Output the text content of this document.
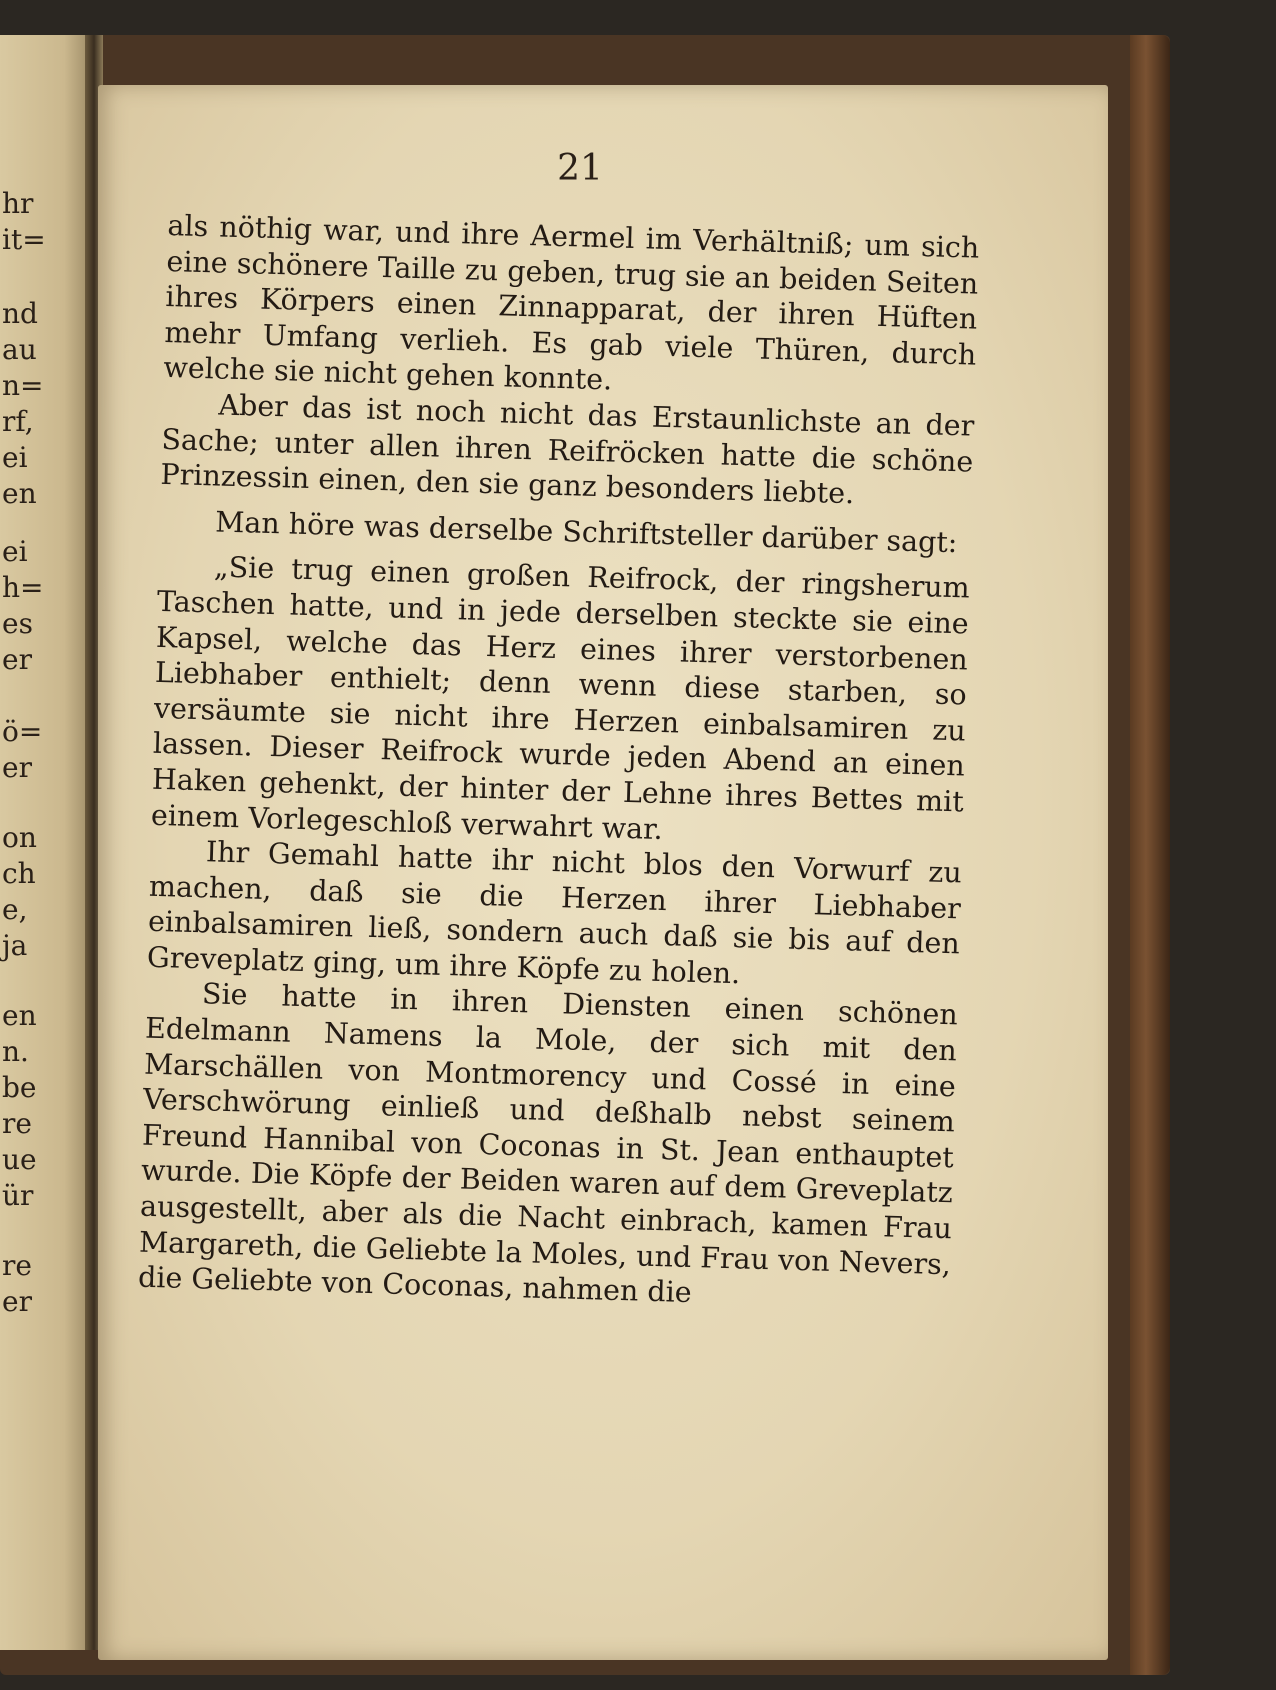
hr
it=
nd
au
n=
rf,
ei
en
ei
h=
es
er
ö=
er
on
ch
e,
ja
en
n.
be
re
ue
ür
re
er
21

als nöthig war, und ihre Aermel im Verhältniß; um sich eine schönere Taille zu geben, trug sie an beiden Seiten ihres Körpers einen Zinnapparat, der ihren Hüften mehr Umfang verlieh. Es gab viele Thüren, durch welche sie nicht gehen konnte.

Aber das ist noch nicht das Erstaunlichste an der Sache; unter allen ihren Reifröcken hatte die schöne Prinzessin einen, den sie ganz besonders liebte.

Man höre was derselbe Schriftsteller darüber sagt:

„Sie trug einen großen Reifrock, der ringsherum Taschen hatte, und in jede derselben steckte sie eine Kapsel, welche das Herz eines ihrer verstorbenen Liebhaber enthielt; denn wenn diese starben, so versäumte sie nicht ihre Herzen einbalsamiren zu lassen. Dieser Reifrock wurde jeden Abend an einen Haken gehenkt, der hinter der Lehne ihres Bettes mit einem Vorlegeschloß verwahrt war.

Ihr Gemahl hatte ihr nicht blos den Vorwurf zu machen, daß sie die Herzen ihrer Liebhaber einbalsamiren ließ, sondern auch daß sie bis auf den Greveplatz ging, um ihre Köpfe zu holen.

Sie hatte in ihren Diensten einen schönen Edelmann Namens la Mole, der sich mit den Marschällen von Montmorency und Cossé in eine Verschwörung einließ und deßhalb nebst seinem Freund Hannibal von Coconas in St. Jean enthauptet wurde. Die Köpfe der Beiden waren auf dem Greveplatz ausgestellt, aber als die Nacht einbrach, kamen Frau Margareth, die Geliebte la Moles, und Frau von Nevers, die Geliebte von Coconas, nahmen die
